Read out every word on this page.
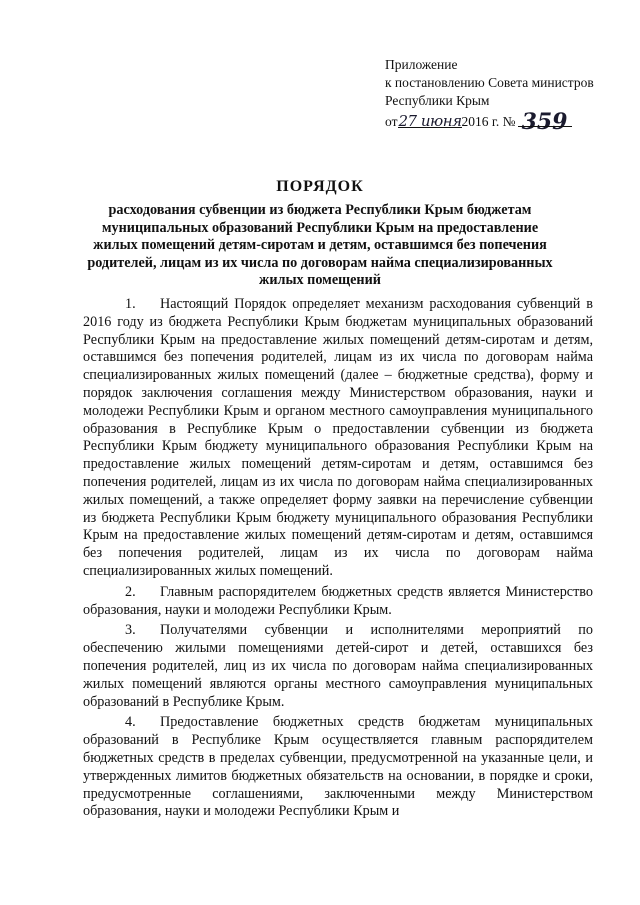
Приложение
к постановлению Совета министров
Республики Крым
от 27 июня 2016 г. № 359
ПОРЯДОК
расходования субвенции из бюджета Республики Крым бюджетам муниципальных образований Республики Крым на предоставление жилых помещений детям-сиротам и детям, оставшимся без попечения родителей, лицам из их числа по договорам найма специализированных жилых помещений

1. Настоящий Порядок определяет механизм расходования субвенций в 2016 году из бюджета Республики Крым бюджетам муниципальных образований Республики Крым на предоставление жилых помещений детям-сиротам и детям, оставшимся без попечения родителей, лицам из их числа по договорам найма специализированных жилых помещений (далее – бюджетные средства), форму и порядок заключения соглашения между Министерством образования, науки и молодежи Республики Крым и органом местного самоуправления муниципального образования в Республике Крым о предоставлении субвенции из бюджета Республики Крым бюджету муниципального образования Республики Крым на предоставление жилых помещений детям-сиротам и детям, оставшимся без попечения родителей, лицам из их числа по договорам найма специализированных жилых помещений, а также определяет форму заявки на перечисление субвенции из бюджета Республики Крым бюджету муниципального образования Республики Крым на предоставление жилых помещений детям-сиротам и детям, оставшимся без попечения родителей, лицам из их числа по договорам найма специализированных жилых помещений.

2. Главным распорядителем бюджетных средств является Министерство образования, науки и молодежи Республики Крым.

3. Получателями субвенции и исполнителями мероприятий по обеспечению жилыми помещениями детей-сирот и детей, оставшихся без попечения родителей, лиц из их числа по договорам найма специализированных жилых помещений являются органы местного самоуправления муниципальных образований в Республике Крым.

4. Предоставление бюджетных средств бюджетам муниципальных образований в Республике Крым осуществляется главным распорядителем бюджетных средств в пределах субвенции, предусмотренной на указанные цели, и утвержденных лимитов бюджетных обязательств на основании, в порядке и сроки, предусмотренные соглашениями, заключенными между Министерством образования, науки и молодежи Республики Крым и
